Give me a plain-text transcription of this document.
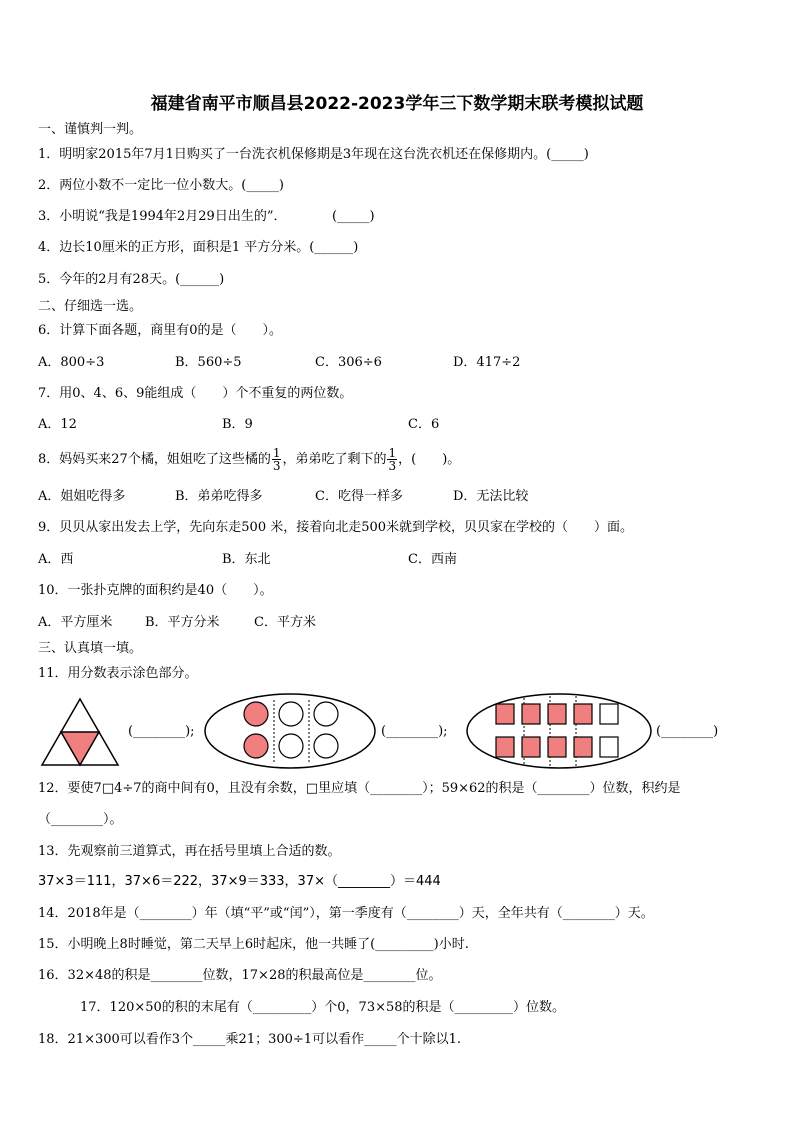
福建省南平市顺昌县2022-2023学年三下数学期末联考模拟试题
一、谨慎判一判。
1．明明家2015年7月1日购买了一台洗衣机保修期是3年现在这台洗衣机还在保修期内。(_____)
2．两位小数不一定比一位小数大。(_____)
3．小明说“我是1994年2月29日出生的”．　　　　(_____)
4．边长10厘米的正方形，面积是1 平方分米。(______)
5．今年的2月有28天。(______)
二、仔细选一选。
6．计算下面各题，商里有0的是（　　）。
A．800÷3	B．560÷5	C．306÷6	D．417÷2
7．用0、4、6、9能组成（　　）个不重复的两位数。
A．12	B．9	C．6
8．妈妈买来27个橘，姐姐吃了这些橘的 $\frac{1}{3}$ ，弟弟吃了剩下的 $\frac{1}{3}$ ，(　　)。
A．姐姐吃得多	B．弟弟吃得多	C．吃得一样多	D．无法比较
9．贝贝从家出发去上学，先向东走500 米，接着向北走500米就到学校，贝贝家在学校的（　　）面。
A．西	B．东北	C．西南
10．一张扑克牌的面积约是40（　　）。
A．平方厘米	B．平方分米	C．平方米
三、认真填一填。
11．用分数表示涂色部分。
(________);	(________);	(________)
12．要使7□4÷7的商中间有0，且没有余数，□里应填（________）；59×62的积是（________）位数，积约是
（________）。
13．先观察前三道算式，再在括号里填上合适的数。
37×3＝111，37×6＝222，37×9＝333，37×（________）＝444
14．2018年是（________）年（填“平”或“闰”），第一季度有（________）天，全年共有（________）天。
15．小明晚上8时睡觉，第二天早上6时起床，他一共睡了(_________)小时.
16．32×48的积是________位数，17×28的积最高位是________位。
17．120×50的积的末尾有（_________）个0，73×58的积是（_________）位数。
18．21×300可以看作3个_____乘21；300÷1可以看作_____个十除以1.
